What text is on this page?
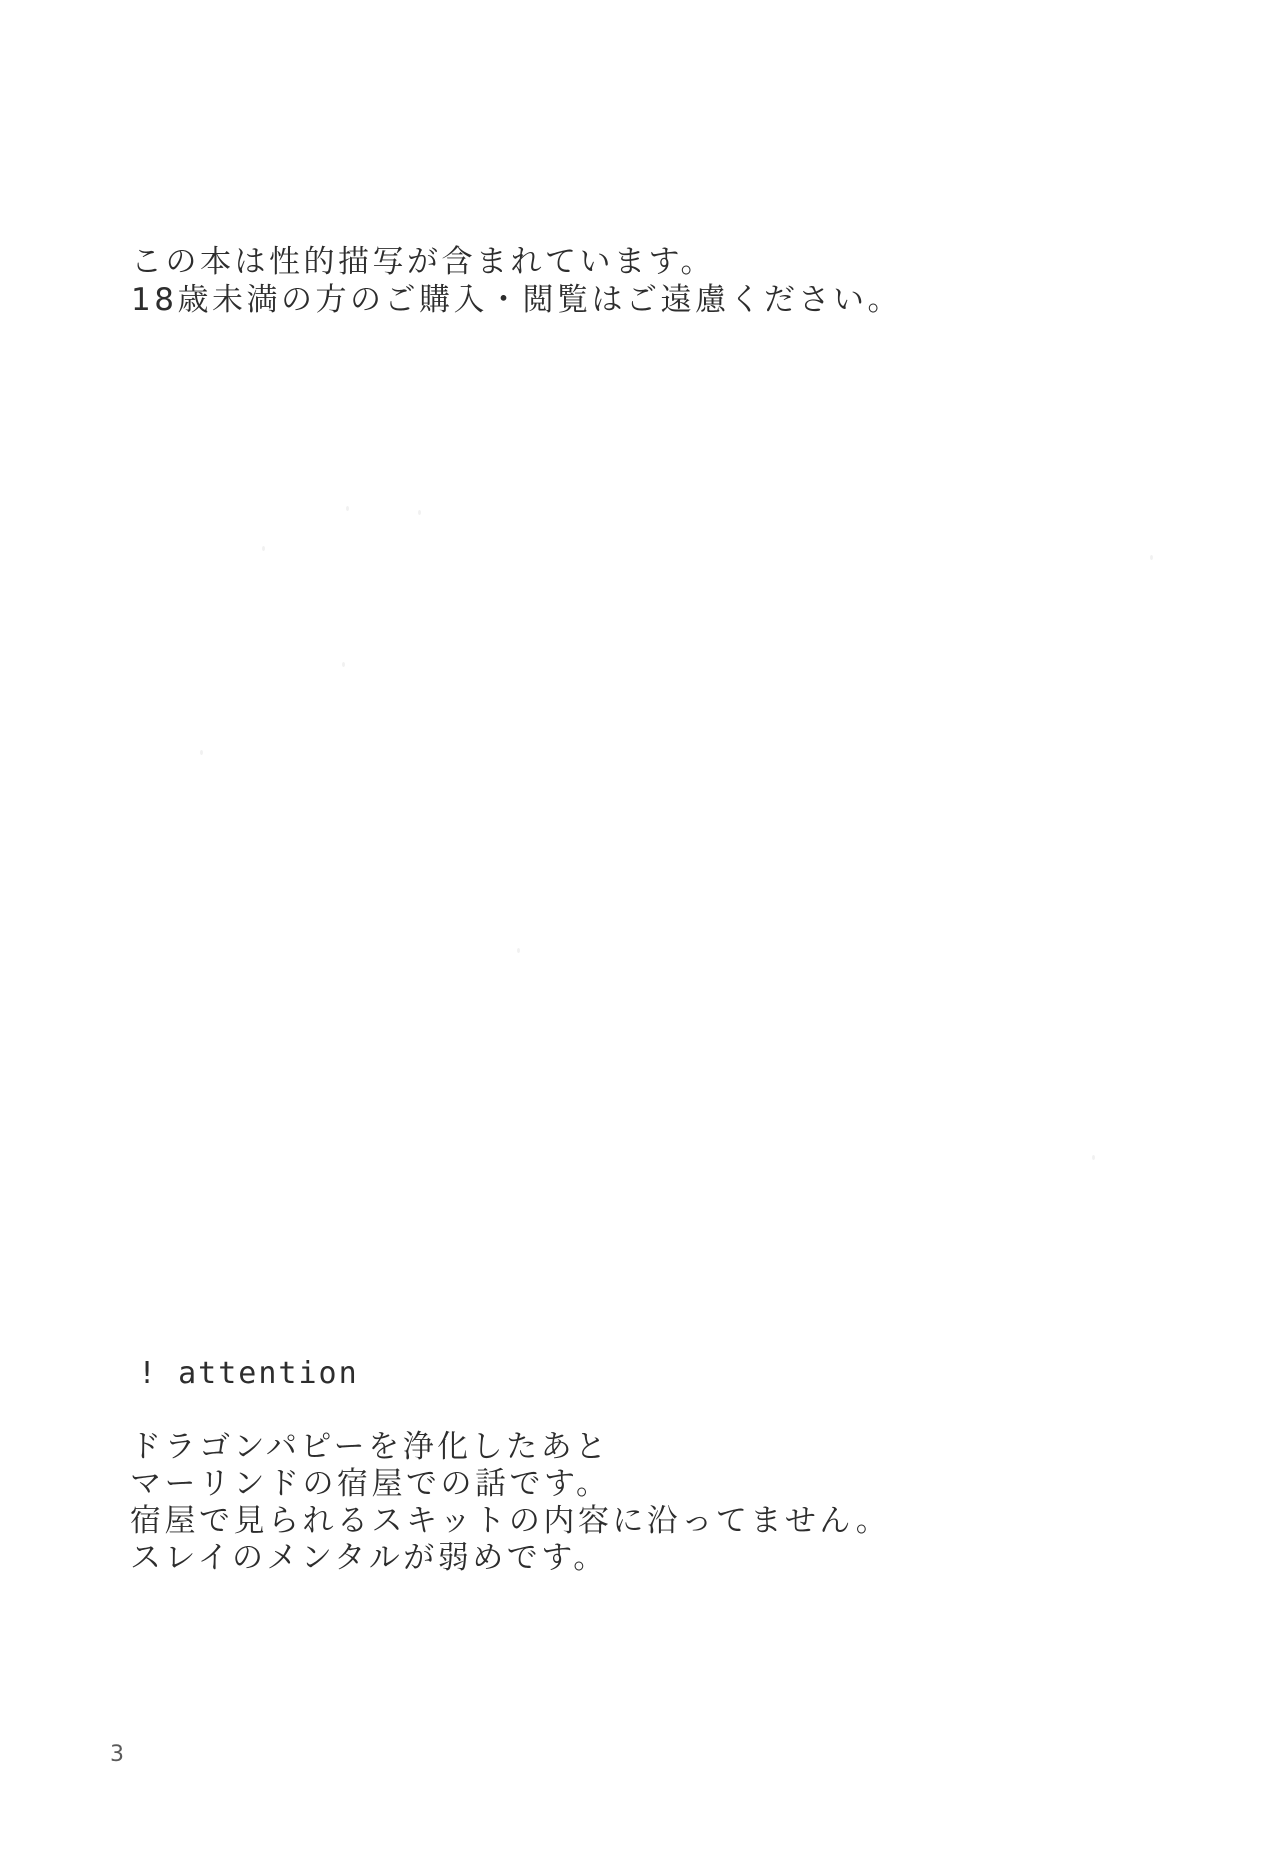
この本は性的描写が含まれています。
18歳未満の方のご購入・閲覧はご遠慮ください。
! attention
ドラゴンパピーを浄化したあと
マーリンドの宿屋での話です。
宿屋で見られるスキットの内容に沿ってません。
スレイのメンタルが弱めです。
3
